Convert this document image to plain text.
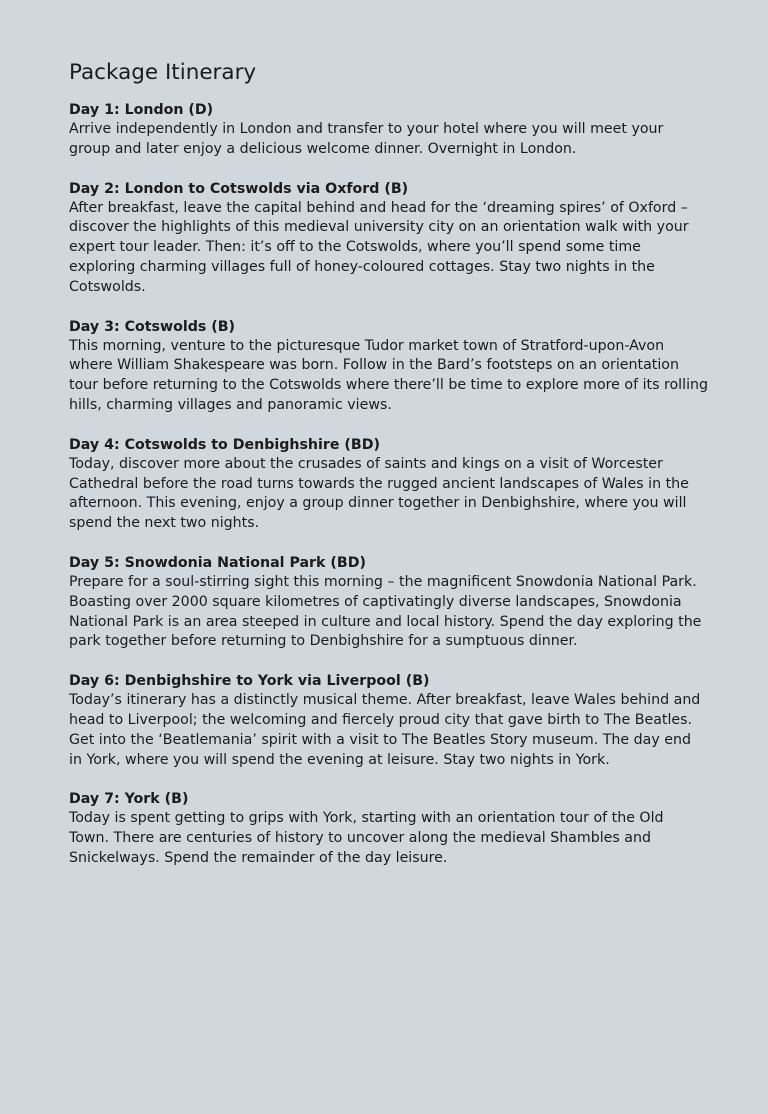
Package Itinerary

Day 1: London (D)

Arrive independently in London and transfer to your hotel where you will meet your group and later enjoy a delicious welcome dinner. Overnight in London.

Day 2: London to Cotswolds via Oxford (B)

After breakfast, leave the capital behind and head for the ‘dreaming spires’ of Oxford – discover the highlights of this medieval university city on an orientation walk with your expert tour leader. Then: it’s off to the Cotswolds, where you’ll spend some time exploring charming villages full of honey-coloured cottages. Stay two nights in the Cotswolds.

Day 3: Cotswolds (B)

This morning, venture to the picturesque Tudor market town of Stratford-upon-Avon where William Shakespeare was born. Follow in the Bard’s footsteps on an orientation tour before returning to the Cotswolds where there’ll be time to explore more of its rolling hills, charming villages and panoramic views.

Day 4: Cotswolds to Denbighshire (BD)

Today, discover more about the crusades of saints and kings on a visit of Worcester Cathedral before the road turns towards the rugged ancient landscapes of Wales in the afternoon. This evening, enjoy a group dinner together in Denbighshire, where you will spend the next two nights.

Day 5: Snowdonia National Park (BD)

Prepare for a soul-stirring sight this morning – the magnificent Snowdonia National Park. Boasting over 2000 square kilometres of captivatingly diverse landscapes, Snowdonia National Park is an area steeped in culture and local history. Spend the day exploring the park together before returning to Denbighshire for a sumptuous dinner.

Day 6: Denbighshire to York via Liverpool (B)

Today’s itinerary has a distinctly musical theme. After breakfast, leave Wales behind and head to Liverpool; the welcoming and fiercely proud city that gave birth to The Beatles. Get into the ‘Beatlemania’ spirit with a visit to The Beatles Story museum. The day end in York, where you will spend the evening at leisure. Stay two nights in York.

Day 7: York (B)

Today is spent getting to grips with York, starting with an orientation tour of the Old Town. There are centuries of history to uncover along the medieval Shambles and Snickelways. Spend the remainder of the day leisure.
